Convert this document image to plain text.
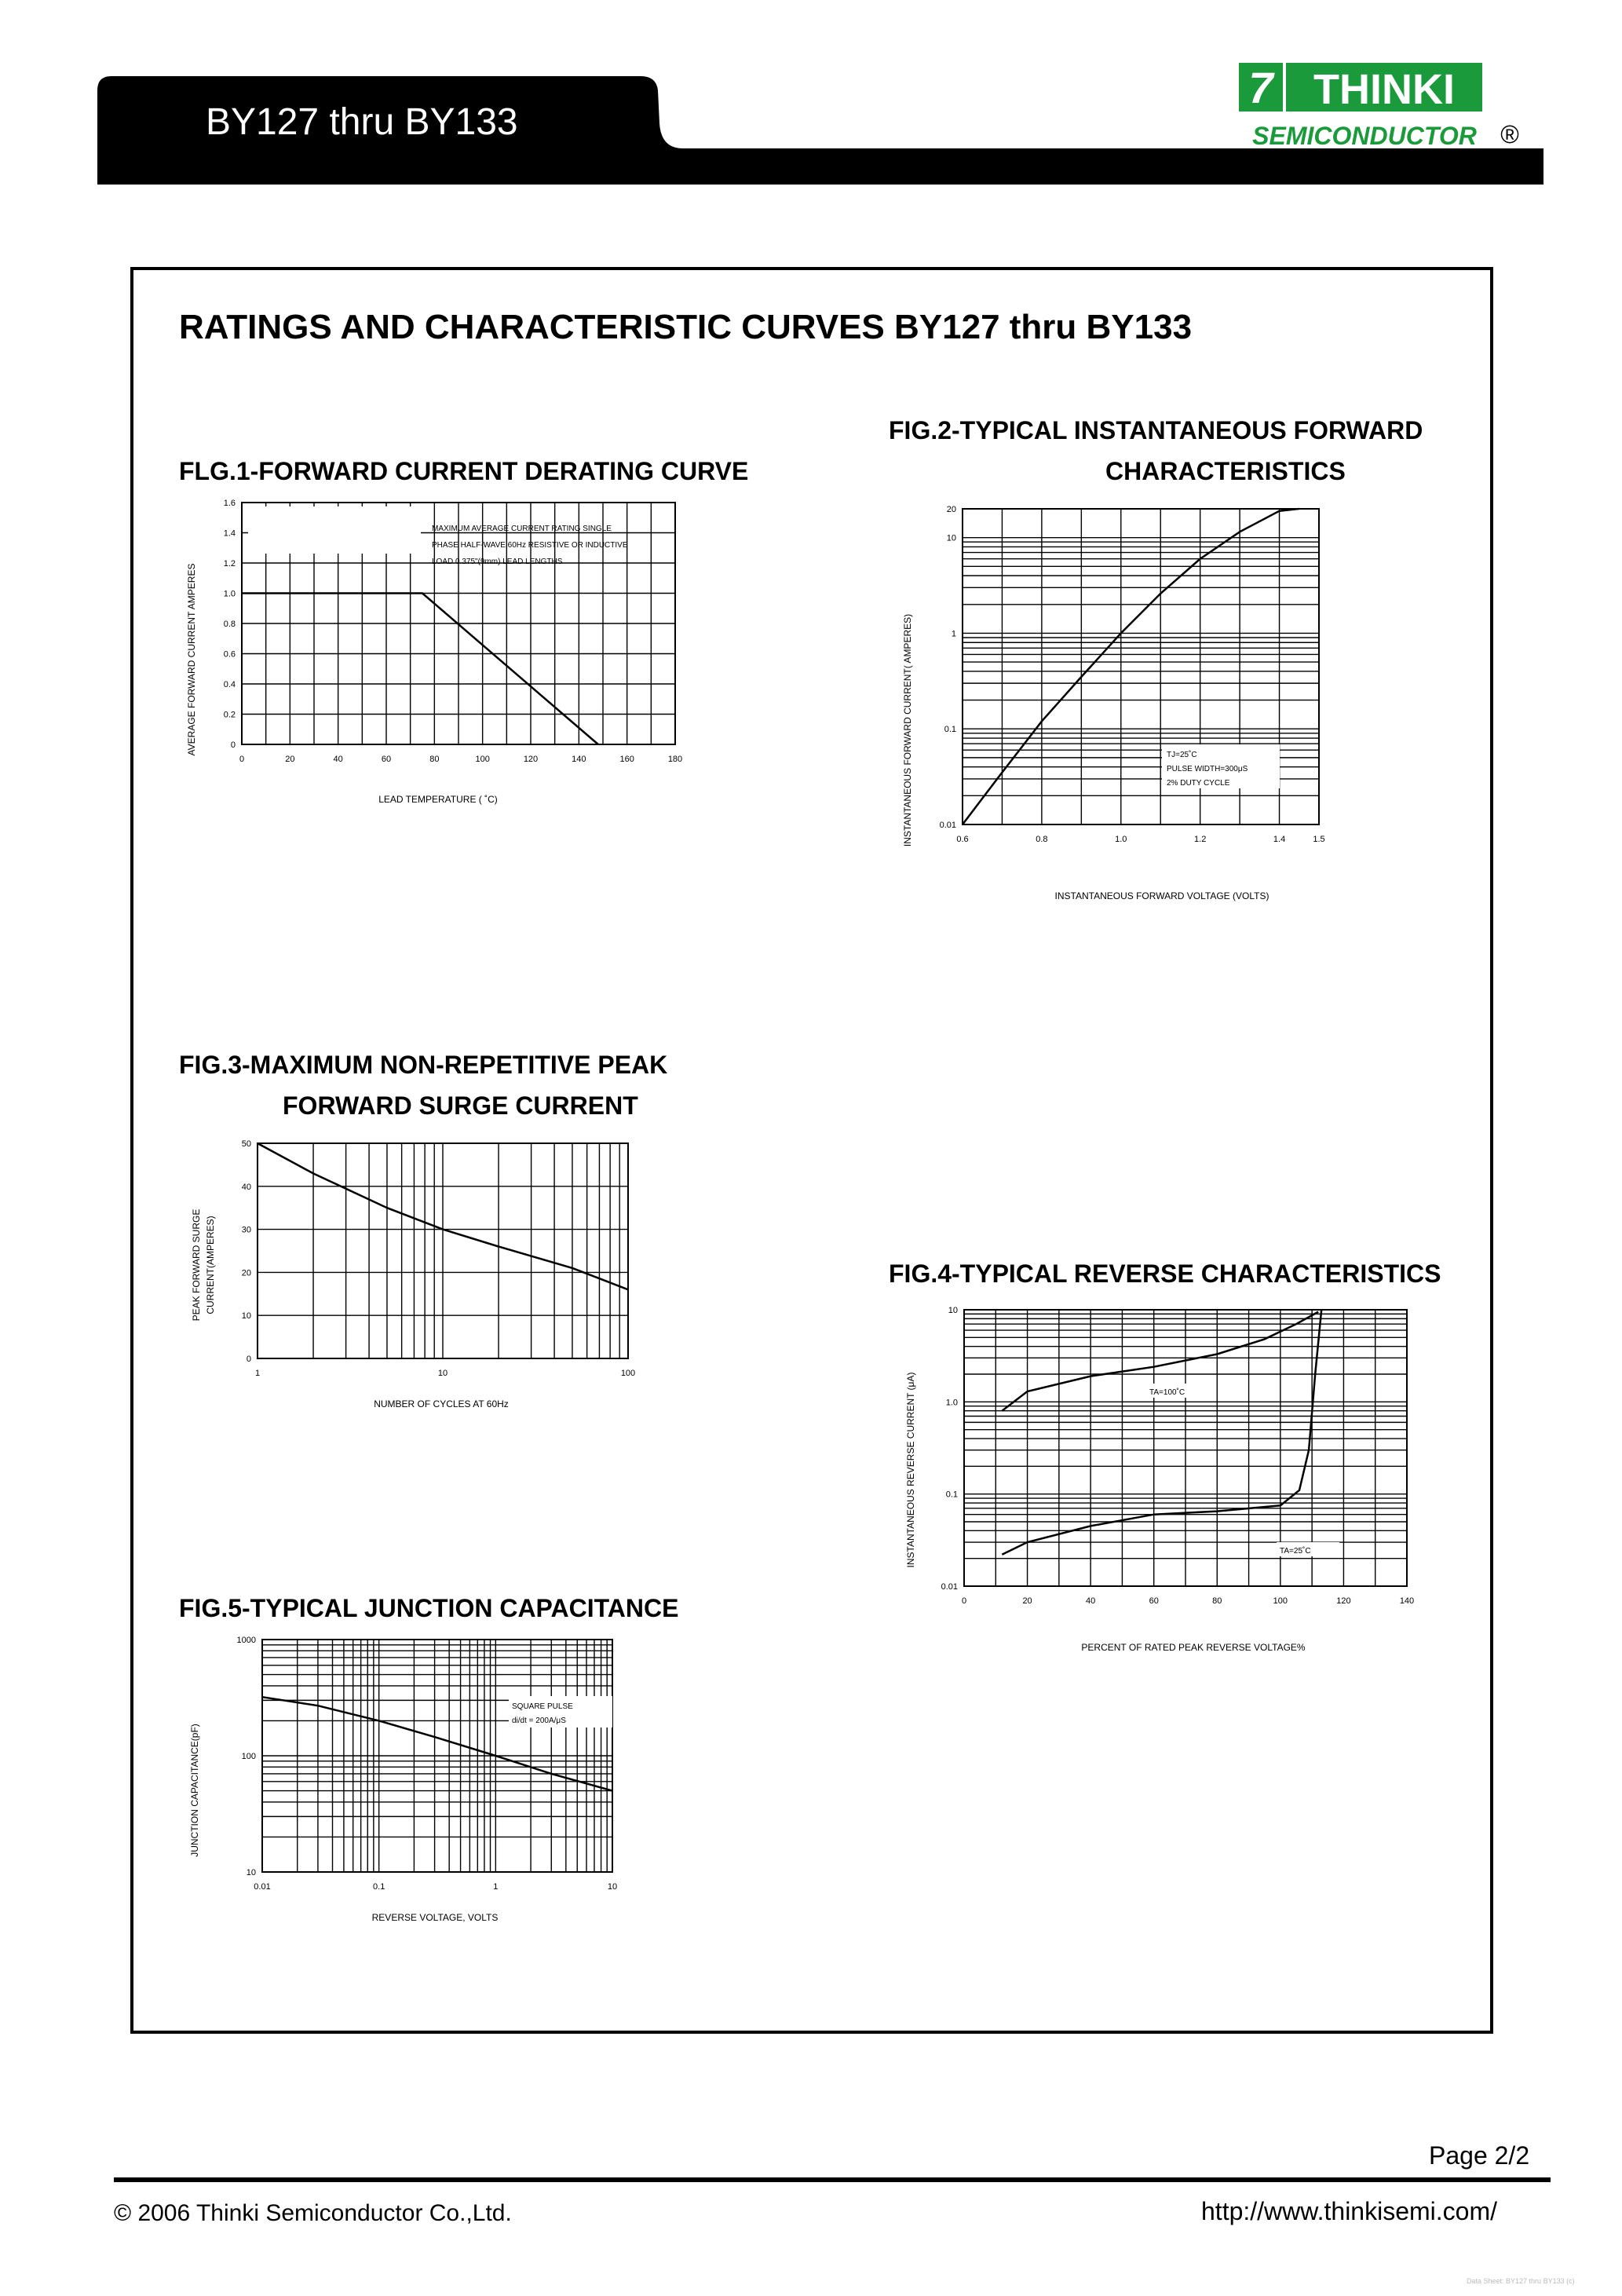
BY127 thru BY133
7 THINKI
SEMICONDUCTOR ®
RATINGS AND CHARACTERISTIC CURVES BY127 thru BY133
FLG.1-FORWARD CURRENT DERATING CURVE
FIG.2-TYPICAL INSTANTANEOUS FORWARD
CHARACTERISTICS
FIG.3-MAXIMUM NON-REPETITIVE PEAK
FORWARD SURGE CURRENT
FIG.4-TYPICAL REVERSE CHARACTERISTICS
FIG.5-TYPICAL JUNCTION CAPACITANCE
MAXIMUM AVERAGE CURRENT RATING SINGLE
PHASE HALF-WAVE 60Hz RESISTIVE OR INDUCTIVE
LOAD 0.375"(9mm) LEAD LENGTHS
0
0.2
0.4
0.6
0.8
1.0
1.2
1.4
1.6
0	20	40	60	80	100	120	140	160	180
AVERAGE FORWARD CURRENT AMPERES
LEAD TEMPERATURE ( ˚C)
TJ=25˚C
PULSE WIDTH=300μS
2% DUTY CYCLE
0.01
0.1
1
10
20
0.6	0.8	1.0	1.2	1.4	1.5
INSTANTANEOUS FORWARD CURRENT( AMPERES)
INSTANTANEOUS FORWARD VOLTAGE (VOLTS)
0
10
20
30
40
50
1	10	100
PEAK FORWARD SURGE CURRENT(AMPERES)
NUMBER OF CYCLES AT 60Hz
TA=100˚C
TA=25˚C
0.01
0.1
1.0
10
0	20	40	60	80	100	120	140
INSTANTANEOUS REVERSE CURRENT (μA)
PERCENT OF RATED PEAK REVERSE VOLTAGE%
SQUARE PULSE
di/dt = 200A/μS
10
100
1000
0.01	0.1	1	10
JUNCTION CAPACITANCE(pF)
REVERSE VOLTAGE, VOLTS
Page 2/2
© 2006 Thinki Semiconductor Co.,Ltd.	http://www.thinkisemi.com/
Data Sheet: BY127 thru BY133 (c)
